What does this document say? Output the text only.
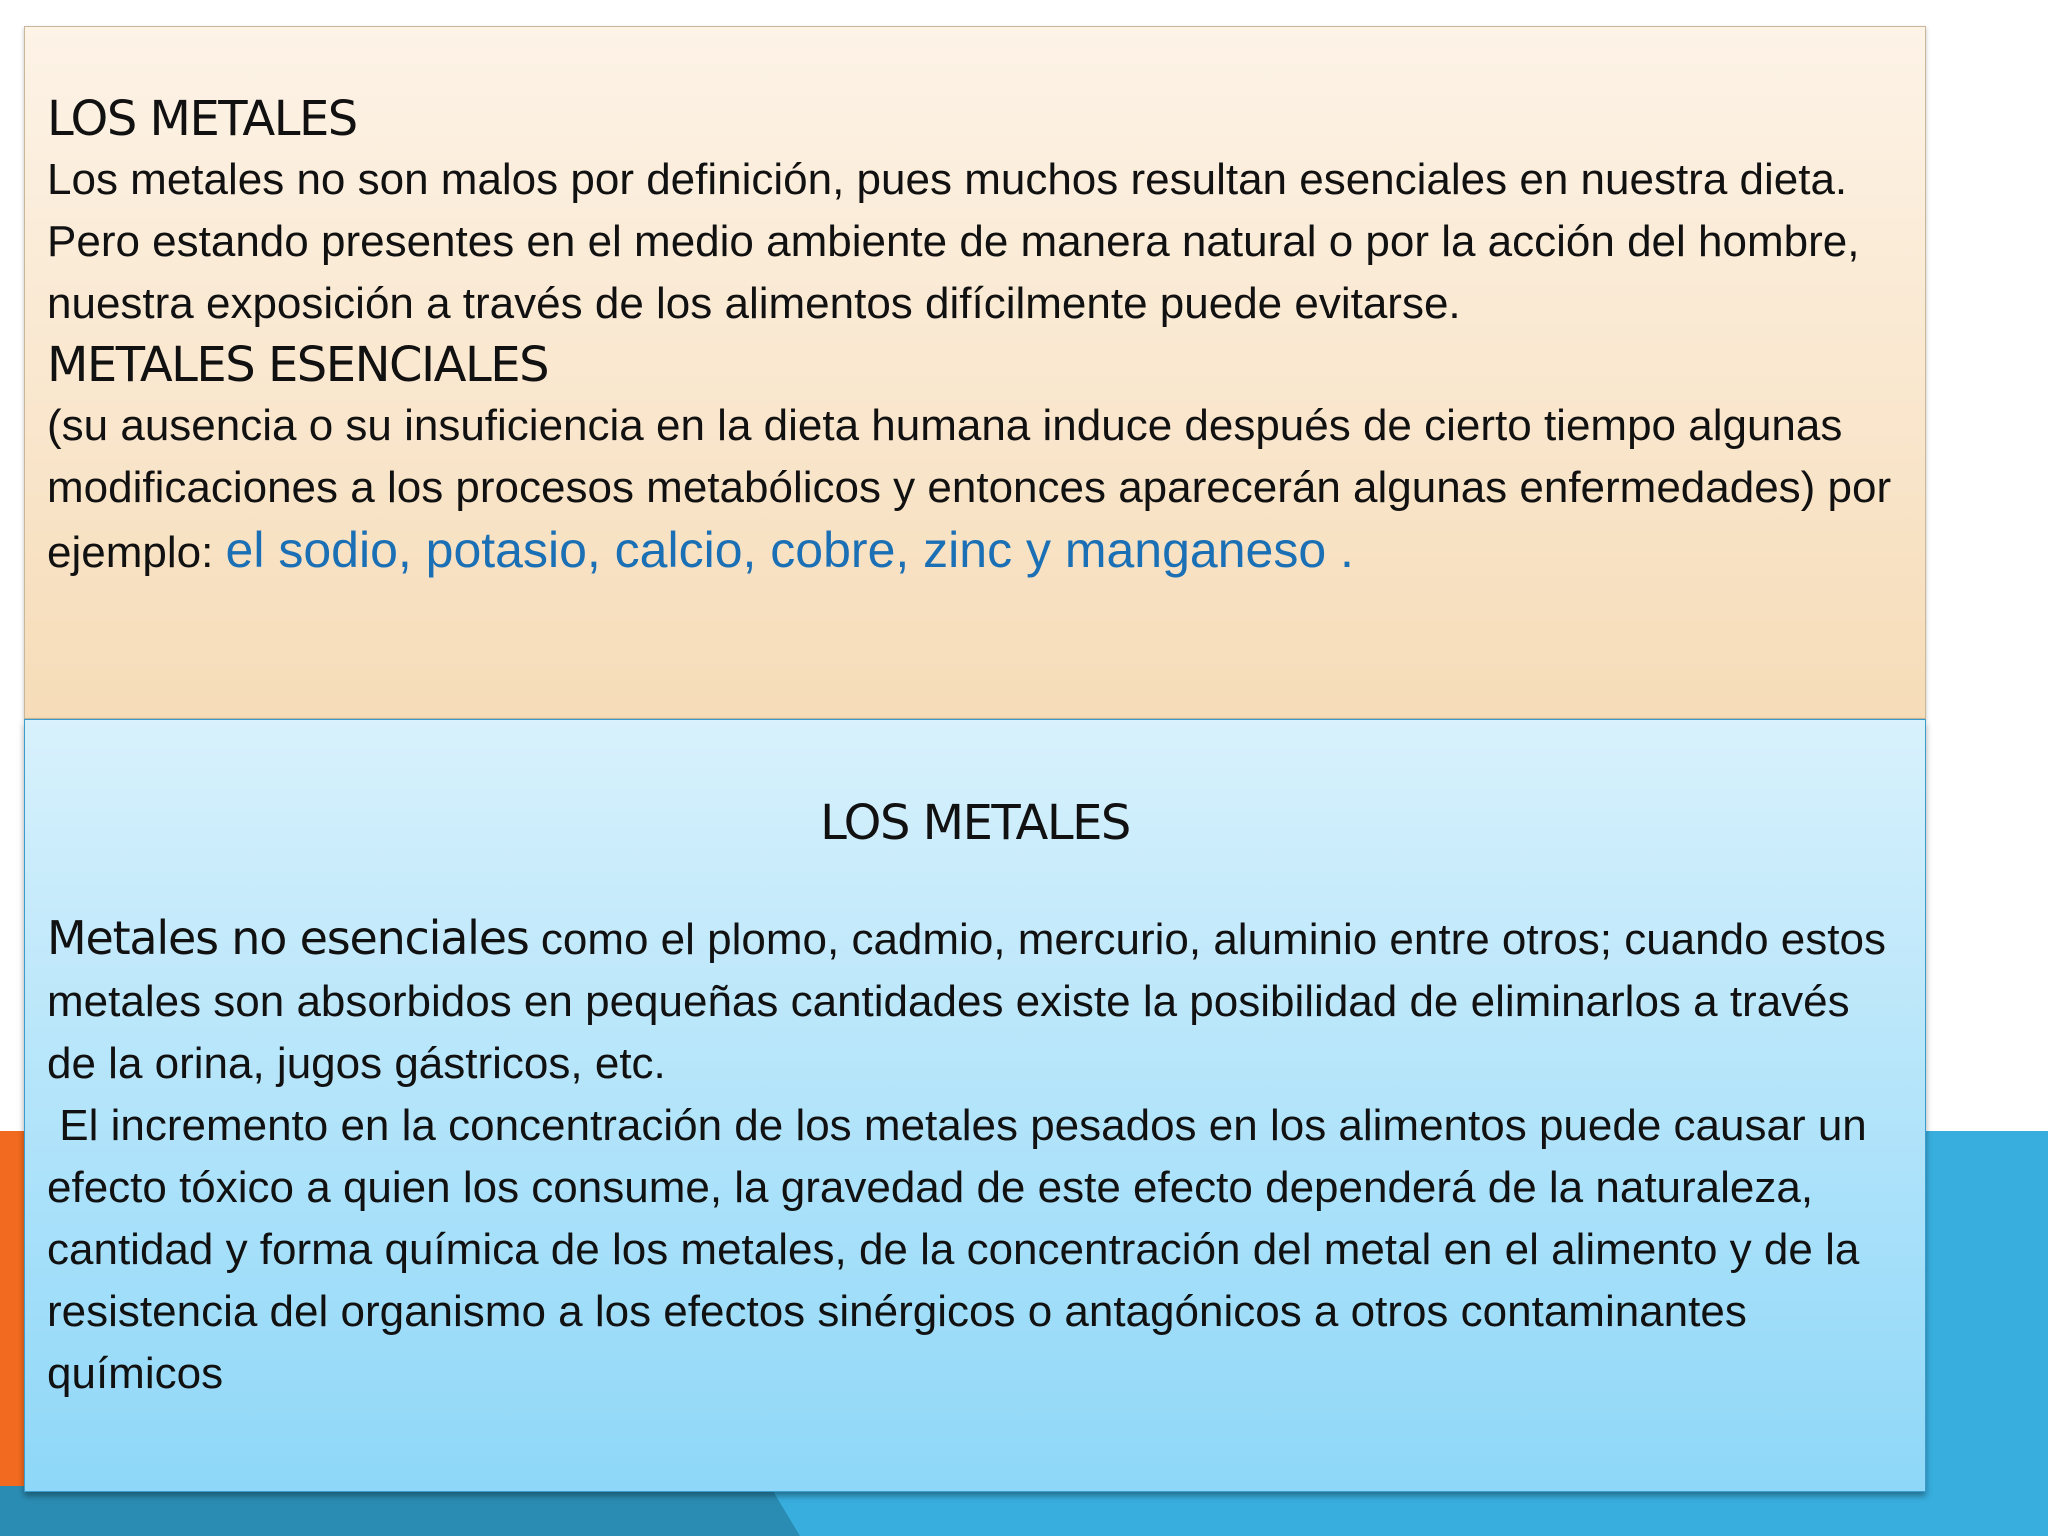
LOS METALES

Los metales no son malos por definición, pues muchos resultan esenciales en nuestra dieta. Pero estando presentes en el medio ambiente de manera natural o por la acción del hombre, nuestra exposición a través de los alimentos difícilmente puede evitarse.

METALES ESENCIALES

(su ausencia o su insuficiencia en la dieta humana induce después de cierto tiempo algunas modificaciones a los procesos metabólicos y entonces aparecerán algunas enfermedades) por ejemplo: el sodio, potasio, calcio, cobre, zinc y manganeso .

LOS METALES

Metales no esenciales como el plomo, cadmio, mercurio, aluminio entre otros; cuando estos metales son absorbidos en pequeñas cantidades existe la posibilidad de eliminarlos a través de la orina, jugos gástricos, etc.

El incremento en la concentración de los metales pesados en los alimentos puede causar un efecto tóxico a quien los consume, la gravedad de este efecto dependerá de la naturaleza, cantidad y forma química de los metales, de la concentración del metal en el alimento y de la resistencia del organismo a los efectos sinérgicos o antagónicos a otros contaminantes químicos
